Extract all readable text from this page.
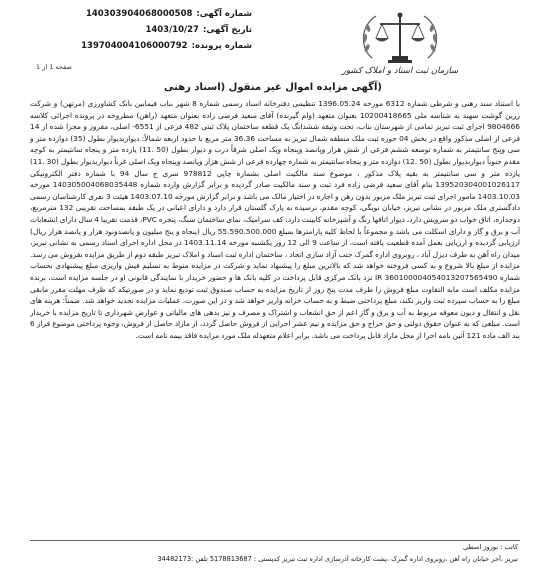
شماره آگهی:
140303904068000508
تاریخ آگهی:
1403/10/27
شماره پرونده:
139704004106000792
صفحه 1 از 1	سازمان ثبت اسناد و املاک کشور
(آگهی مزایده اموال غیر منقول (اسناد رهنی
با استناد سند رهنی و شرطی شماره 6312 مورخه 1396.05.24 تنظیمی دفترخانه اسناد رسمی شماره 8 شهر بناب فیمابین بانک کشاورزی (مرتهن) و شرکت زرین گوشت سهند به شناسه ملی 10200418665 بعنوان متعهد (وام گیرنده) آقای سعید فرضی زاده بعنوان متعهد (راهن) مطروحه در پرونده اجرائی کلاسه 9804666 اجرای ثبت تبریز تمامی از شهرستان بناب، تحت وثیقه ششدانگ یک قطعه ساختمان پلاک ثبتی 482 فرعی از 6551- اصلی، مفروز و مجزا شده از 14 فرعی از اصلی مذکور واقع در بخش 04 حوزه ثبت ملک منطقه شمال تبریز به مساحت 36.36 متر مربع با حدود اربعه شمالاً: دیواربدیوار بطول (35) دوازده متر و سی وپنج سانتیمتر به شماره توسعه ششم فرعی از شش هزار وپانصد وپنجاه ویک اصلی شرقاً درب و دیوار بطول (50 .11) یازده متر و پنجاه سانتیمتر به کوچه مقدم جنوباً دیواربدیوار بطول (50 .12) دوازده متر و پنجاه سانتیمتر به شماره چهارده فرعی از شش هزار وپانصد وپنجاه ویک اصلی غرباً دیواربدیوار بطول (30 .11) یازده متر و سی سانتیمتر به بقیه پلاک مذکور ، موضوع سند مالکیت اصلی بشماره چاپی 978812 سری ج سال 94 با شماره دفتر الکترونیکی 139520304001026117 بنام آقای سعید فرضی زاده فرد ثبت و سند مالکیت صادر گردیده و برابر گزارش وارده شماره 140305004068035448 مورخه 1403.10.03 مامور اجرای ثبت تبریز ملک مزبور بدون رهن و اجاره در اختیار مالک می باشد و برابر گزارش مورخه 1403.07.10 هیئت 3 نفری کارشناسان رسمی دادگستری ملک مزبور در نشانی تبریز، خیابان نوبگی، کوچه مقدم، نرسیده به پارک گلستان قرار دارد و دارای اعیانی در یک طبقه بمساحت تقریبی 132 مترمربع، دوجداره، اتاق خواب دو سرویس دارد، دیوار اتاقها رنگ و آشپزخانه کابینت دارد، کف سرامیک، نمای ساختمان سنگ، پنجره PVC، قدمت تقریبا 4 سال دارای انشعابات آب و برق و گاز و دارای اسکلت می باشد و مجموعاً با لحاظ کلیه پارامترها بمبلغ 55.590.500.000 ریال (پنجاه و پنج میلیون و پانصدونود هزار و پانصد هزار ریال) ارزیابی گردیده و ارزیابی بعمل آمده قطعیت یافته است، از ساعت 9 الی 12 روز یکشنبه مورخه 1403.11.14 در محل اداره اجرای اسناد رسمی به نشانی تبریز، میدان راه آهن به طرف دیزل آباد ، روبروی اداره گمرک جنب آزاد سازی اتحاد ، ساختمان اداره ثبت اسناد و املاک تبریز طبقه دوم از طریق مزایده بفروش می رسد. مزایده از مبلغ بالا شروع و به کسی فروخته خواهد شد که بالاترین مبلغ را پیشنهاد نماید و شرکت در مزایده منوط به تسلیم فیش واریزی مبلغ پیشنهادی بحساب شماره IR 360100004054013207565490 نزد بانک مرکزی قابل پرداخت در کلیه بانک ها و حضور خریدار با نمایندگی قانونی او در جلسه مزایده است، برنده مزایده مکلف است مابه التفاوت مبلغ فروش را ظرف مدت پنج روز از تاریخ مزایده به حساب صندوق ثبت تودیع نماید و در صورتیکه که ظرف مهلت مقرر مابقی مبلغ را به حساب سپرده ثبت واریز نکند، مبلغ پرداختی ضبط و به حساب خزانه واریز خواهد شد و در این صورت، عملیات مزایده تجدید خواهد شد. ضمناً: هزینه های نقل و انتقال و دیون معوقه مربوط به آب و برق و گاز اعم از حق انشعاب و اشتراک و مصرف و نیز بدهی های مالیاتی و عوارض شهرداری تا تاریخ مزایده با خریدار است. مبلغی که به عنوان حقوق دولتی و حق حراج و حق مزایده و نیم عشر اجرایی از فروش حاصل گردد، از مازاد حاصل از فروش، وجوه پرداختی موضوع فراز 6 بند الف ماده 121 آئین نامه اجرا از محل مازاد قابل پرداخت می باشد. برابر اعلام متعهدله ملک مورد مزایده فاقد بیمه نامه است.
کاتب : نوروز اسطی
تبریز ،آخر خیابان راه آهن ،روبروی اداره گمرک ،پشت کارخانه آذرسازی اداره ثبت تبریز کدپستی : 5178813687 تلفن :34482173
